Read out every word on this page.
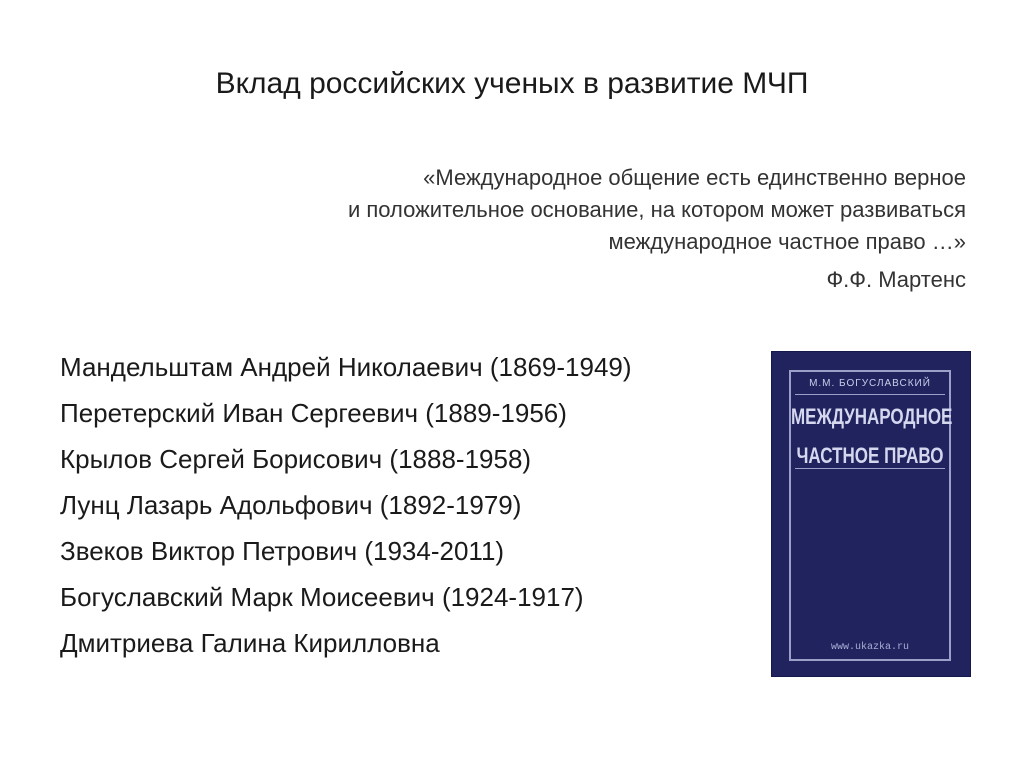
Вклад российских ученых в развитие МЧП
«Международное общение есть единственно верное
и положительное основание, на котором может развиваться
международное частное право …»
Ф.Ф. Мартенс
Мандельштам Андрей Николаевич (1869-1949)
Перетерский Иван Сергеевич (1889-1956)
Крылов Сергей Борисович (1888-1958)
Лунц Лазарь Адольфович (1892-1979)
Звеков Виктор Петрович (1934-2011)
Богуславский Марк Моисеевич (1924-1917)
Дмитриева Галина Кирилловна
М.М. БОГУСЛАВСКИЙ
МЕЖДУНАРОДНОЕ
ЧАСТНОЕ ПРАВО
www.ukazka.ru
